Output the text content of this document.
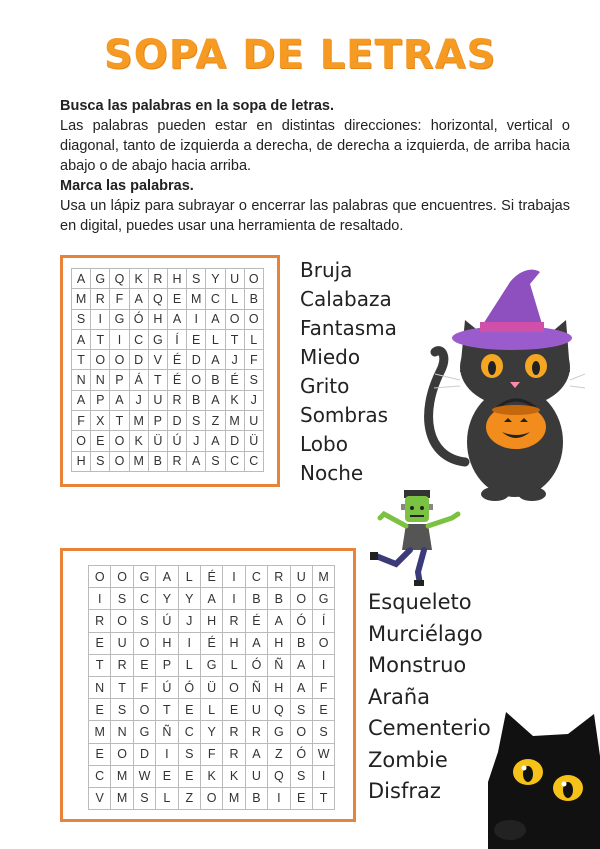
SOPA DE LETRAS
Busca las palabras en la sopa de letras.
Las palabras pueden estar en distintas direcciones: horizontal, vertical o diagonal, tanto de izquierda a derecha, de derecha a izquierda, de arriba hacia abajo o de abajo hacia arriba.
Marca las palabras.
Usa un lápiz para subrayar o encerrar las palabras que encuentres. Si trabajas en digital, puedes usar una herramienta de resaltado.
A	G	Q	K	R	H	S	Y	U	O
M	R	F	A	Q	E	M	C	L	B
S	I	G	Ó	H	A	I	A	O	O
A	T	I	C	G	Í	E	L	T	L
T	O	O	D	V	É	D	A	J	F
N	N	P	Á	T	É	O	B	É	S
A	P	A	J	U	R	B	A	K	J
F	X	T	M	P	D	S	Z	M	U
O	E	O	K	Ü	Ú	J	A	D	Ü
H	S	O	M	B	R	A	S	C	C
Bruja
Calabaza
Fantasma
Miedo
Grito
Sombras
Lobo
Noche
O	O	G	A	L	É	I	C	R	U	M
I	S	C	Y	Y	A	I	B	B	O	G
R	O	S	Ú	J	H	R	É	A	Ó	Í
E	U	O	H	I	É	H	A	H	B	O
T	R	E	P	L	G	L	Ó	Ñ	A	I
N	T	F	Ú	Ó	Ü	O	Ñ	H	A	F
E	S	O	T	E	L	E	U	Q	S	E
M	N	G	Ñ	C	Y	R	R	G	O	S
E	O	D	I	S	F	R	A	Z	Ó	W
C	M	W	E	E	K	K	U	Q	S	I
V	M	S	L	Z	O	M	B	I	E	T
Esqueleto
Murciélago
Monstruo
Araña
Cementerio
Zombie
Disfraz
